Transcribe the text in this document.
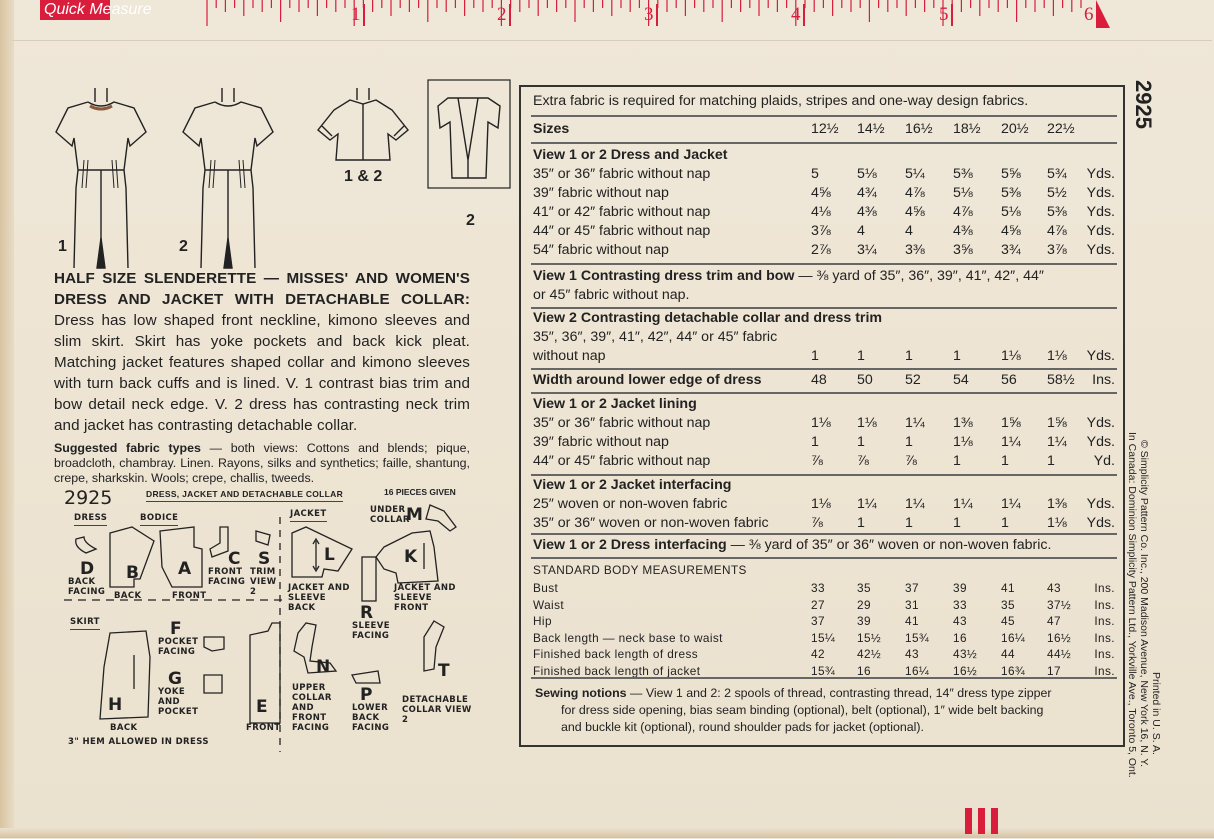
Quick Measure	1	2	3	4	5	6
1	2
1 & 2
2
HALF SIZE SLENDERETTE — MISSES' AND WOMEN'S DRESS AND JACKET WITH DETACHABLE COLLAR: Dress has low shaped front neckline, kimono sleeves and slim skirt. Skirt has yoke pockets and back kick pleat. Matching jacket features shaped collar and kimono sleeves with turn back cuffs and is lined. V. 1 contrast bias trim and bow detail neck edge. V. 2 dress has contrasting neck trim and jacket has contrasting detachable collar.
Suggested fabric types — both views: Cottons and blends; pique, broadcloth, chambray. Linen. Rayons, silks and synthetics; faille, shantung, crepe, sharkskin. Wools; crepe, challis, tweeds.
2925	DRESS, JACKET AND DETACHABLE COLLAR	16 PIECES GIVEN
DRESS	BODICE	JACKET
SKIRT
D
BACK FACING
B
BACK
A
FRONT
C
FRONT FACING
S
TRIM VIEW 2
L
JACKET AND SLEEVE BACK
M
UNDER COLLAR
K
JACKET AND SLEEVE FRONT
R
SLEEVE FACING
H
BACK
F
POCKET FACING
G
YOKE AND POCKET	E
FRONT
N
UPPER COLLAR AND FRONT FACING
P
LOWER BACK FACING
T
DETACHABLE COLLAR VIEW 2
3" HEM ALLOWED IN DRESS
Extra fabric is required for matching plaids, stripes and one-way design fabrics.
Sizes	12½	14½	16½	18½	20½	22½
View 1 or 2 Dress and Jacket
35″ or 36″ fabric without nap	5	5⅛	5¼	5⅜	5⅝	5¾	Yds.
39″ fabric without nap	4⅝	4¾	4⅞	5⅛	5⅜	5½	Yds.
41″ or 42″ fabric without nap	4⅛	4⅜	4⅝	4⅞	5⅛	5⅜	Yds.
44″ or 45″ fabric without nap	3⅞	4	4	4⅜	4⅝	4⅞	Yds.
54″ fabric without nap	2⅞	3¼	3⅜	3⅝	3¾	3⅞	Yds.
View 1 Contrasting dress trim and bow — ⅜ yard of 35″, 36″, 39″, 41″, 42″, 44″
or 45″ fabric without nap.
View 2 Contrasting detachable collar and dress trim
35″, 36″, 39″, 41″, 42″, 44″ or 45″ fabric
without nap	1	1	1	1	1⅛	1⅛	Yds.
Width around lower edge of dress	48	50	52	54	56	58½	Ins.
View 1 or 2 Jacket lining
35″ or 36″ fabric without nap	1⅛	1⅛	1¼	1⅜	1⅝	1⅝	Yds.
39″ fabric without nap	1	1	1	1⅛	1¼	1¼	Yds.
44″ or 45″ fabric without nap	⅞	⅞	⅞	1	1	1	Yd.
View 1 or 2 Jacket interfacing
25″ woven or non-woven fabric	1⅛	1¼	1¼	1¼	1¼	1⅜	Yds.
35″ or 36″ woven or non-woven fabric	⅞	1	1	1	1	1⅛	Yds.
View 1 or 2 Dress interfacing — ⅜ yard of 35″ or 36″ woven or non-woven fabric.
STANDARD BODY MEASUREMENTS
Bust	33	35	37	39	41	43	Ins.
Waist	27	29	31	33	35	37½	Ins.
Hip	37	39	41	43	45	47	Ins.
Back length — neck base to waist	15¼	15½	15¾	16	16¼	16½	Ins.
Finished back length of dress	42	42½	43	43½	44	44½	Ins.
Finished back length of jacket	15¾	16	16¼	16½	16¾	17	Ins.
Sewing notions — View 1 and 2: 2 spools of thread, contrasting thread, 14″ dress type zipper
for dress side opening, bias seam binding (optional), belt (optional), 1″ wide belt backing
and buckle kit (optional), round shoulder pads for jacket (optional).
2925
© Simplicity Pattern Co. Inc., 200 Madison Avenue, New York 16, N. Y.
In Canada: Dominion Simplicity Pattern Ltd., Yorkville Ave., Toronto 5, Ont. Printed in U. S. A.
